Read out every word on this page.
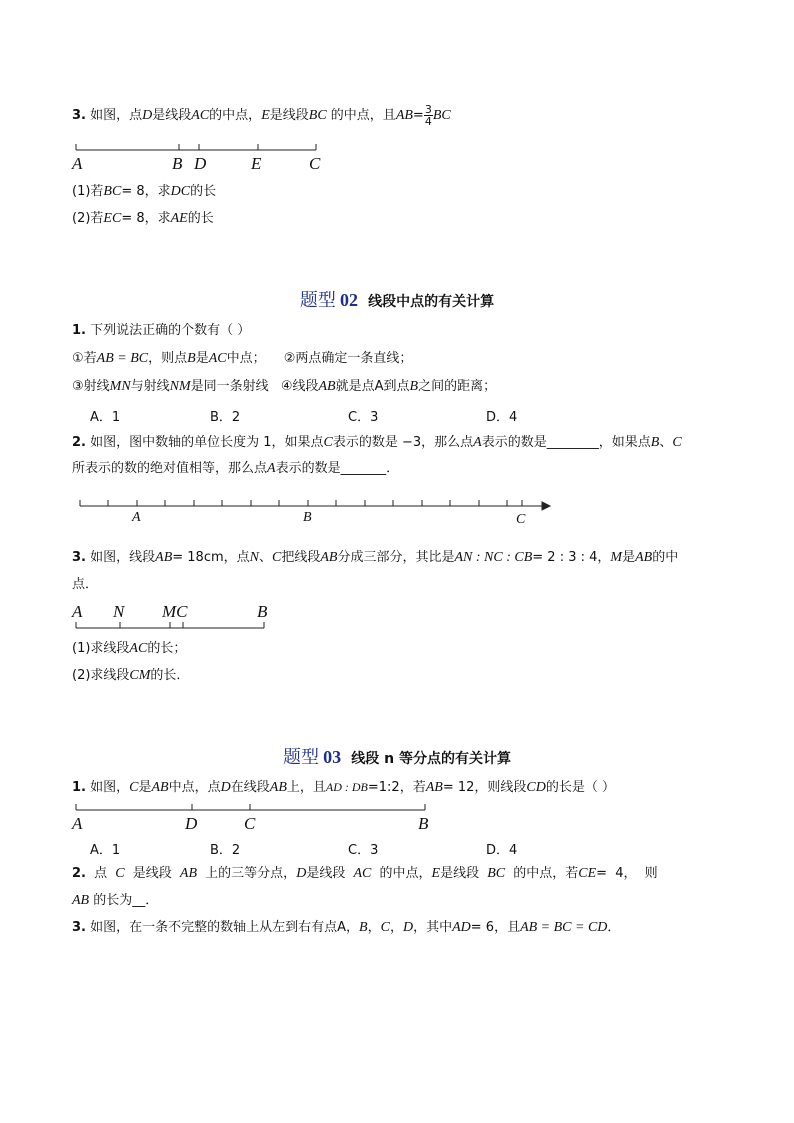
3. 如图，点D是线段AC的中点，E是线段BC 的中点，且$AB= \frac{3}{4}$ BC
A	B D	E	C
(1)若BC= 8，求DC的长
(2)若EC= 8，求AE的长
题型 02 线段中点的有关计算
1. 下列说法正确的个数有（ ）
①若AB = BC，则点B是AC中点； ②两点确定一条直线；
③射线MN与射线NM是同一条射线 ④线段AB就是点A到点B之间的距离；
A．1	B．2	C．3	D．4
2. 如图，图中数轴的单位长度为 1，如果点C表示的数是 −3，那么点A表示的数是________，如果点B、C
所表示的数的绝对值相等，那么点A表示的数是_______．
A	B	C
3. 如图，线段AB= 18cm，点N、C把线段AB分成三部分，其比是AN : NC : CB= 2 : 3 : 4，M是AB的中
点．
A N MC	B
(1)求线段AC的长；
(2)求线段CM的长．
题型 03 线段 n 等分点的有关计算
1. 如图，C是AB中点，点D在线段AB上，且AD : DB=1:2，若AB= 12，则线段CD的长是（ ）
A	D	C	B
A．1	B．2	C．3	D．4
2. 点 C 是线段 AB 上的三等分点，D是线段 AC 的中点，E是线段 BC 的中点，若CE= 4， 则
AB 的长为__．
3. 如图，在一条不完整的数轴上从左到右有点A，B，C，D，其中AD= 6，且AB = BC = CD．
